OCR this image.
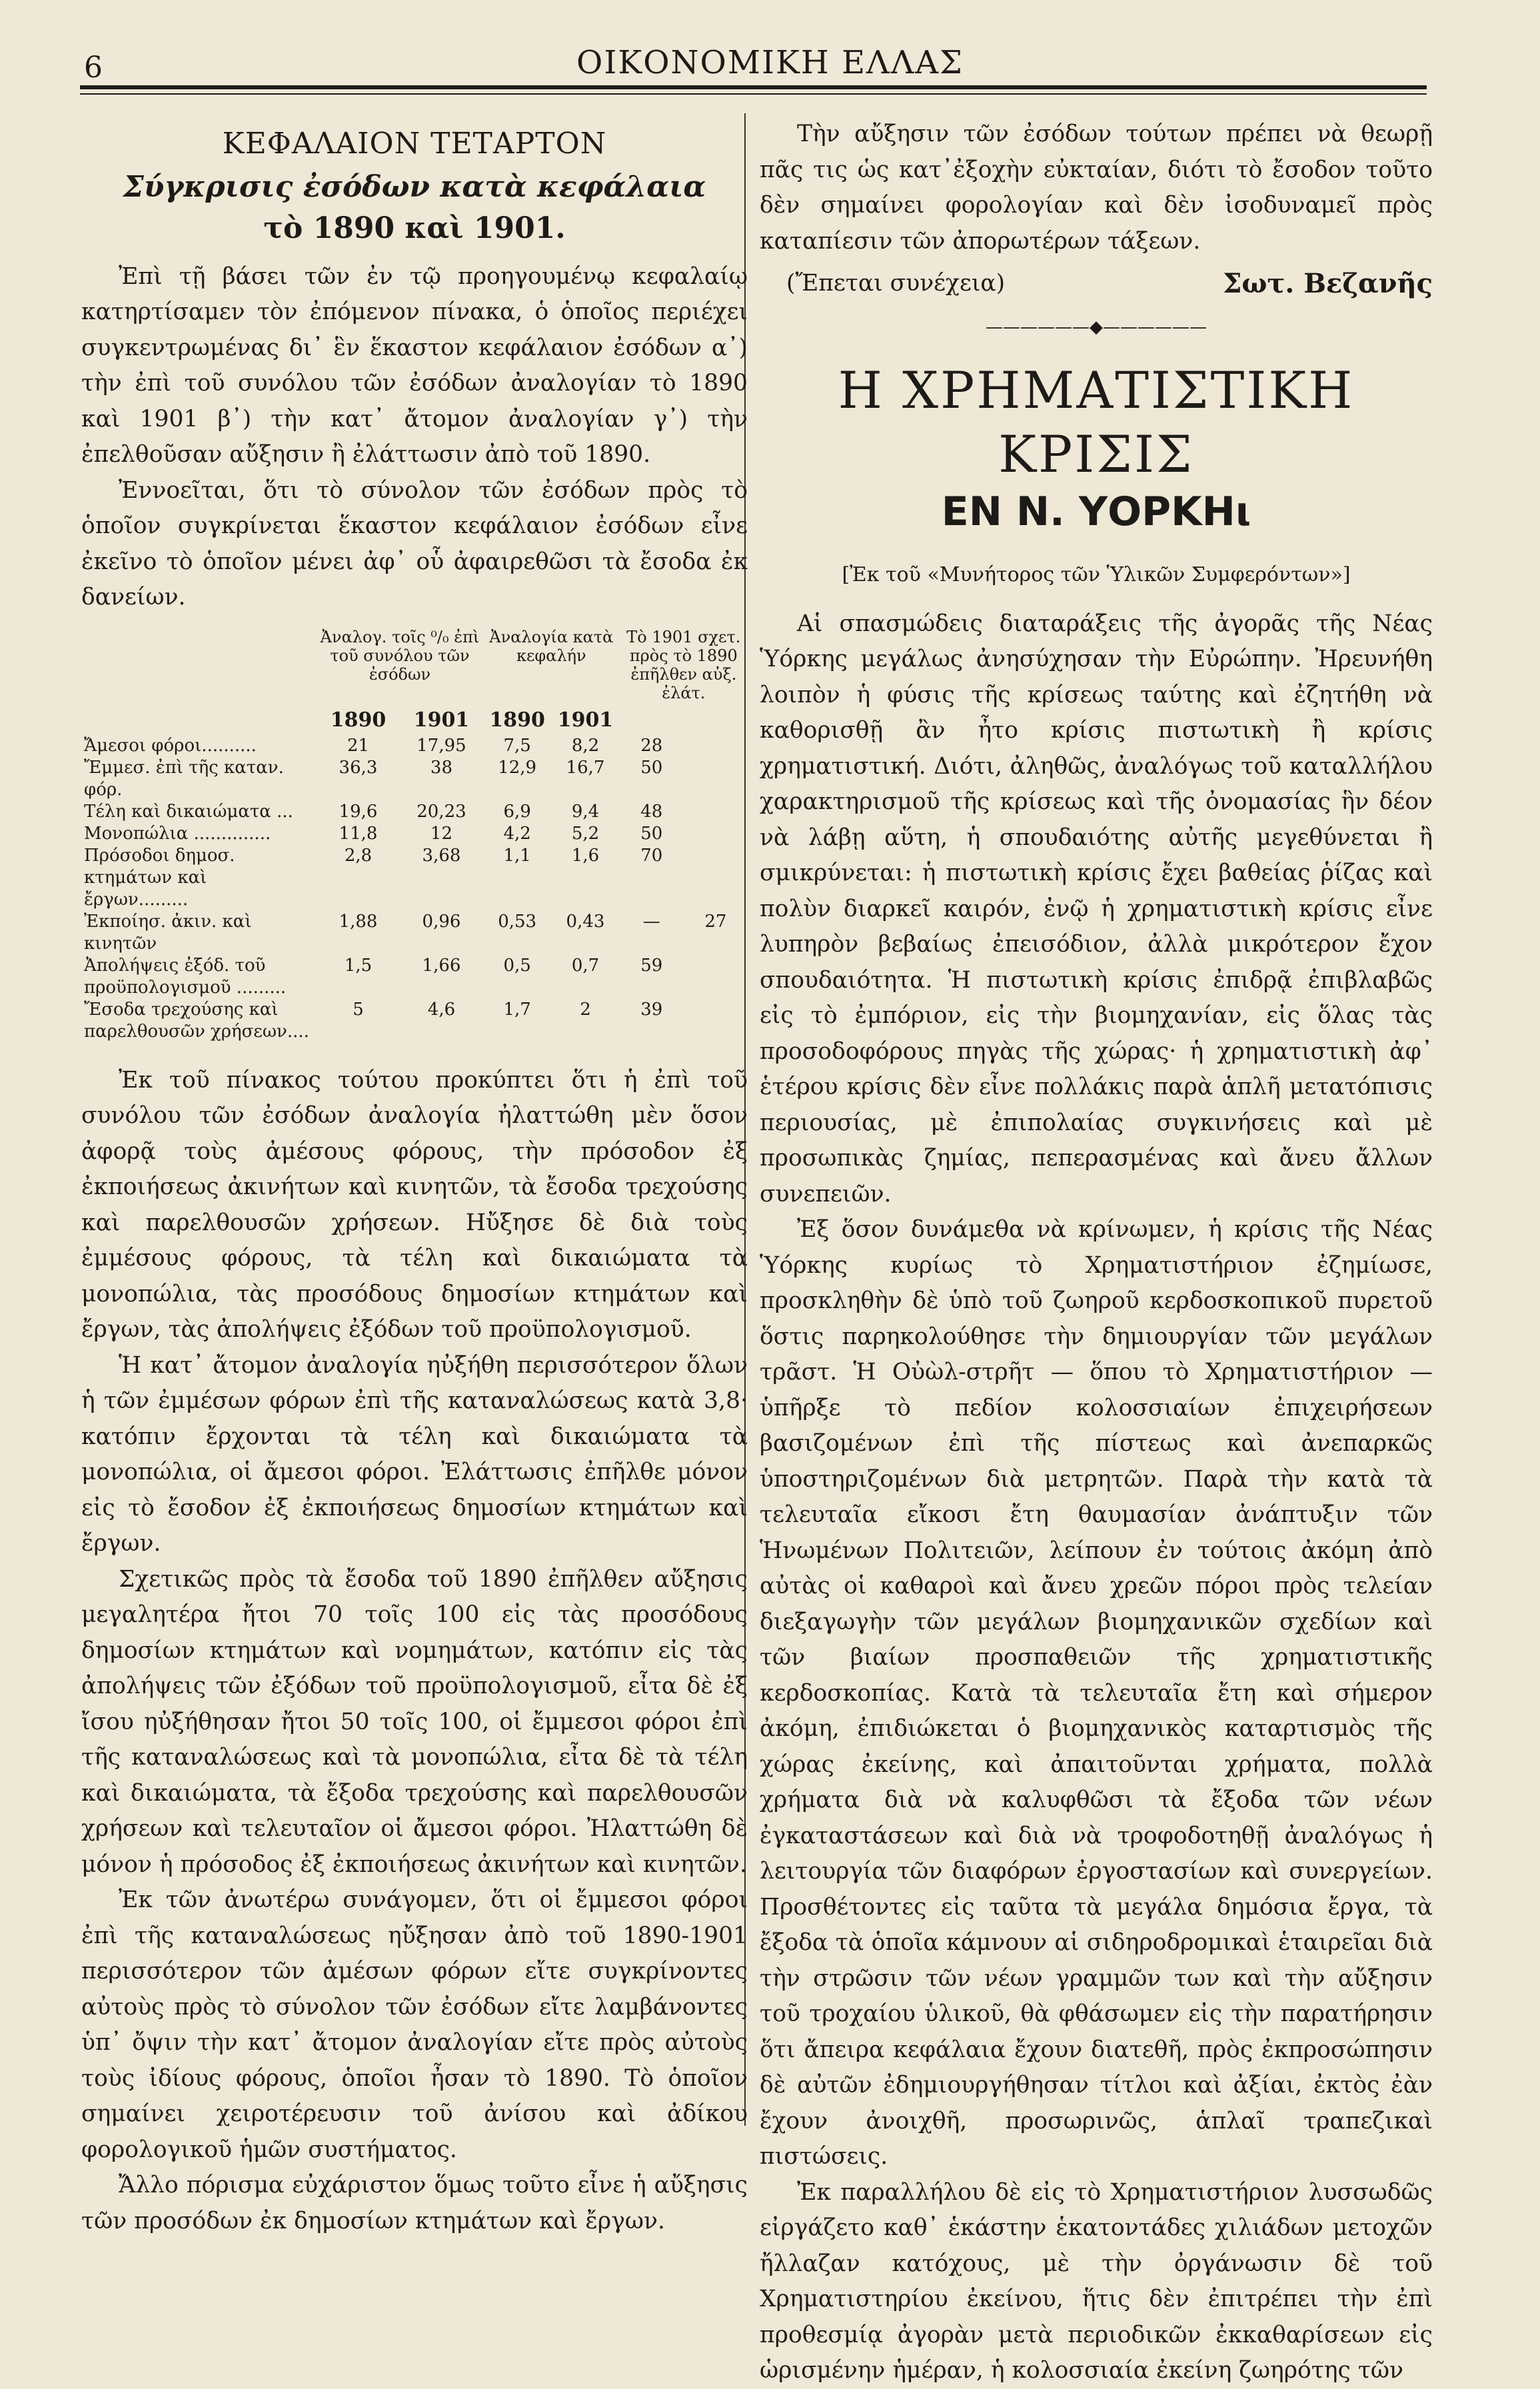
6	ΟΙΚΟΝΟΜΙΚΗ ΕΛΛΑΣ
ΚΕΦΑΛΑΙΟΝ ΤΕΤΑΡΤΟΝ
Σύγκρισις ἐσόδων κατὰ κεφάλαια
τὸ 1890 καὶ 1901.

Ἐπὶ τῇ βάσει τῶν ἐν τῷ προηγουμένῳ κεφαλαίῳ κατηρτίσαμεν τὸν ἐπόμενον πίνακα, ὁ ὁποῖος περιέχει συγκεντρωμένας δι᾽ ἓν ἕκαστον κεφάλαιον ἐσόδων α᾽) τὴν ἐπὶ τοῦ συνόλου τῶν ἐσόδων ἀναλογίαν τὸ 1890 καὶ 1901 β᾽) τὴν κατ᾽ ἄτομον ἀναλογίαν γ᾽) τὴν ἐπελθοῦσαν αὔξησιν ἢ ἐλάττωσιν ἀπὸ τοῦ 1890.

Ἐννοεῖται, ὅτι τὸ σύνολον τῶν ἐσόδων πρὸς τὸ ὁποῖον συγκρίνεται ἕκαστον κεφάλαιον ἐσόδων εἶνε ἐκεῖνο τὸ ὁποῖον μένει ἀφ᾽ οὗ ἀφαιρεθῶσι τὰ ἔσοδα ἐκ δανείων.

	Ἀναλογ. τοῖς ⁰/₀ ἐπὶ τοῦ συνόλου τῶν ἐσόδων		Ἀναλογία κατὰ κεφαλήν		Τὸ 1901 σχετ. πρὸς τὸ 1890 ἐπῆλθεν αὐξ. ἐλάτ.	
	1890	1901	1890	1901		
Ἄμεσοι φόροι..........	21	17,95	7,5	8,2	28	
Ἔμμεσ. ἐπὶ τῆς καταν. φόρ.	36,3	38	12,9	16,7	50	
Τέλη καὶ δικαιώματα ...	19,6	20,23	6,9	9,4	48	
Μονοπώλια ..............	11,8	12	4,2	5,2	50	
Πρόσοδοι δημοσ. κτημάτων καὶ ἔργων.........	2,8	3,68	1,1	1,6	70	
Ἐκποίησ. ἀκιν. καὶ κινητῶν	1,88	0,96	0,53	0,43	—	27
Ἀπολήψεις ἐξόδ. τοῦ προϋπολογισμοῦ .........	1,5	1,66	0,5	0,7	59	
Ἔσοδα τρεχούσης καὶ παρελθουσῶν χρήσεων....	5	4,6	1,7	2	39	

Ἐκ τοῦ πίνακος τούτου προκύπτει ὅτι ἡ ἐπὶ τοῦ συνόλου τῶν ἐσόδων ἀναλογία ἠλαττώθη μὲν ὅσον ἀφορᾷ τοὺς ἀμέσους φόρους, τὴν πρόσοδον ἐξ ἐκποιήσεως ἀκινήτων καὶ κινητῶν, τὰ ἔσοδα τρεχούσης καὶ παρελθουσῶν χρήσεων. Ηὔξησε δὲ διὰ τοὺς ἐμμέσους φόρους, τὰ τέλη καὶ δικαιώματα τὰ μονοπώλια, τὰς προσόδους δημοσίων κτημάτων καὶ ἔργων, τὰς ἀπολήψεις ἐξόδων τοῦ προϋπολογισμοῦ.

Ἡ κατ᾽ ἄτομον ἀναλογία ηὐξήθη περισσότερον ὅλων ἡ τῶν ἐμμέσων φόρων ἐπὶ τῆς καταναλώσεως κατὰ 3,8· κατόπιν ἔρχονται τὰ τέλη καὶ δικαιώματα τὰ μονοπώλια, οἱ ἄμεσοι φόροι. Ἐλάττωσις ἐπῆλθε μόνον εἰς τὸ ἔσοδον ἐξ ἐκποιήσεως δημοσίων κτημάτων καὶ ἔργων.

Σχετικῶς πρὸς τὰ ἔσοδα τοῦ 1890 ἐπῆλθεν αὔξησις μεγαλητέρα ἤτοι 70 τοῖς 100 εἰς τὰς προσόδους δημοσίων κτημάτων καὶ νομημάτων, κατόπιν εἰς τὰς ἀπολήψεις τῶν ἐξόδων τοῦ προϋπολογισμοῦ, εἶτα δὲ ἐξ ἴσου ηὐξήθησαν ἤτοι 50 τοῖς 100, οἱ ἔμμεσοι φόροι ἐπὶ τῆς καταναλώσεως καὶ τὰ μονοπώλια, εἶτα δὲ τὰ τέλη καὶ δικαιώματα, τὰ ἔξοδα τρεχούσης καὶ παρελθουσῶν χρήσεων καὶ τελευταῖον οἱ ἄμεσοι φόροι. Ἠλαττώθη δὲ μόνον ἡ πρόσοδος ἐξ ἐκποιήσεως ἀκινήτων καὶ κινητῶν.

Ἐκ τῶν ἀνωτέρω συνάγομεν, ὅτι οἱ ἔμμεσοι φόροι ἐπὶ τῆς καταναλώσεως ηὔξησαν ἀπὸ τοῦ 1890-1901 περισσότερον τῶν ἀμέσων φόρων εἴτε συγκρίνοντες αὐτοὺς πρὸς τὸ σύνολον τῶν ἐσόδων εἴτε λαμβάνοντες ὑπ᾽ ὄψιν τὴν κατ᾽ ἄτομον ἀναλογίαν εἴτε πρὸς αὐτοὺς τοὺς ἰδίους φόρους, ὁποῖοι ἦσαν τὸ 1890. Τὸ ὁποῖον σημαίνει χειροτέρευσιν τοῦ ἀνίσου καὶ ἀδίκου φορολογικοῦ ἡμῶν συστήματος.

Ἄλλο πόρισμα εὐχάριστον ὅμως τοῦτο εἶνε ἡ αὔξησις τῶν προσόδων ἐκ δημοσίων κτημάτων καὶ ἔργων.

Τὴν αὔξησιν τῶν ἐσόδων τούτων πρέπει νὰ θεωρῇ πᾶς τις ὡς κατ᾽ἐξοχὴν εὐκταίαν, διότι τὸ ἔσοδον τοῦτο δὲν σημαίνει φορολογίαν καὶ δὲν ἰσοδυναμεῖ πρὸς καταπίεσιν τῶν ἀπορωτέρων τάξεων.

(Ἔπεται συνέχεια)	Σωτ. Βεζανῆς
——————◆——————
Η ΧΡΗΜΑΤΙΣΤΙΚΗ ΚΡΙΣΙΣ
ΕΝ Ν. ΥΟΡΚΗι
[Ἐκ τοῦ «Μυνήτορος τῶν Ὑλικῶν Συμφερόντων»]

Αἱ σπασμώδεις διαταράξεις τῆς ἀγορᾶς τῆς Νέας Ὑόρκης μεγάλως ἀνησύχησαν τὴν Εὐρώπην. Ἠρευνήθη λοιπὸν ἡ φύσις τῆς κρίσεως ταύτης καὶ ἐζητήθη νὰ καθορισθῇ ἂν ἦτο κρίσις πιστωτικὴ ἢ κρίσις χρηματιστική. Διότι, ἀληθῶς, ἀναλόγως τοῦ καταλλήλου χαρακτηρισμοῦ τῆς κρίσεως καὶ τῆς ὀνομασίας ἣν δέον νὰ λάβῃ αὕτη, ἡ σπουδαιότης αὐτῆς μεγεθύνεται ἢ σμικρύνεται: ἡ πιστωτικὴ κρίσις ἔχει βαθείας ῥίζας καὶ πολὺν διαρκεῖ καιρόν, ἐνῷ ἡ χρηματιστικὴ κρίσις εἶνε λυπηρὸν βεβαίως ἐπεισόδιον, ἀλλὰ μικρότερον ἔχον σπουδαιότητα. Ἡ πιστωτικὴ κρίσις ἐπιδρᾷ ἐπιβλαβῶς εἰς τὸ ἐμπόριον, εἰς τὴν βιομηχανίαν, εἰς ὅλας τὰς προσοδοφόρους πηγὰς τῆς χώρας· ἡ χρηματιστικὴ ἀφ᾽ ἑτέρου κρίσις δὲν εἶνε πολλάκις παρὰ ἁπλῆ μετατόπισις περιουσίας, μὲ ἐπιπολαίας συγκινήσεις καὶ μὲ προσωπικὰς ζημίας, πεπερασμένας καὶ ἄνευ ἄλλων συνεπειῶν.

Ἐξ ὅσον δυνάμεθα νὰ κρίνωμεν, ἡ κρίσις τῆς Νέας Ὑόρκης κυρίως τὸ Χρηματιστήριον ἐζημίωσε, προσκληθὴν δὲ ὑπὸ τοῦ ζωηροῦ κερδοσκοπικοῦ πυρετοῦ ὅστις παρηκολούθησε τὴν δημιουργίαν τῶν μεγάλων τρᾶστ. Ἡ Οὐὼλ-στρῆτ — ὅπου τὸ Χρηματιστήριον — ὑπῆρξε τὸ πεδίον κολοσσιαίων ἐπιχειρήσεων βασιζομένων ἐπὶ τῆς πίστεως καὶ ἀνεπαρκῶς ὑποστηριζομένων διὰ μετρητῶν. Παρὰ τὴν κατὰ τὰ τελευταῖα εἴκοσι ἔτη θαυμασίαν ἀνάπτυξιν τῶν Ἡνωμένων Πολιτειῶν, λείπουν ἐν τούτοις ἀκόμη ἀπὸ αὐτὰς οἱ καθαροὶ καὶ ἄνευ χρεῶν πόροι πρὸς τελείαν διεξαγωγὴν τῶν μεγάλων βιομηχανικῶν σχεδίων καὶ τῶν βιαίων προσπαθειῶν τῆς χρηματιστικῆς κερδοσκοπίας. Κατὰ τὰ τελευταῖα ἔτη καὶ σήμερον ἀκόμη, ἐπιδιώκεται ὁ βιομηχανικὸς καταρτισμὸς τῆς χώρας ἐκείνης, καὶ ἀπαιτοῦνται χρήματα, πολλὰ χρήματα διὰ νὰ καλυφθῶσι τὰ ἔξοδα τῶν νέων ἐγκαταστάσεων καὶ διὰ νὰ τροφοδοτηθῇ ἀναλόγως ἡ λειτουργία τῶν διαφόρων ἐργοστασίων καὶ συνεργείων. Προσθέτοντες εἰς ταῦτα τὰ μεγάλα δημόσια ἔργα, τὰ ἔξοδα τὰ ὁποῖα κάμνουν αἱ σιδηροδρομικαὶ ἑταιρεῖαι διὰ τὴν στρῶσιν τῶν νέων γραμμῶν των καὶ τὴν αὔξησιν τοῦ τροχαίου ὑλικοῦ, θὰ φθάσωμεν εἰς τὴν παρατήρησιν ὅτι ἄπειρα κεφάλαια ἔχουν διατεθῆ, πρὸς ἐκπροσώπησιν δὲ αὐτῶν ἐδημιουργήθησαν τίτλοι καὶ ἀξίαι, ἐκτὸς ἐὰν ἔχουν ἀνοιχθῆ, προσωρινῶς, ἁπλαῖ τραπεζικαὶ πιστώσεις.

Ἐκ παραλλήλου δὲ εἰς τὸ Χρηματιστήριον λυσσωδῶς εἰργάζετο καθ᾽ ἑκάστην ἑκατοντάδες χιλιάδων μετοχῶν ἤλλαζαν κατόχους, μὲ τὴν ὀργάνωσιν δὲ τοῦ Χρηματιστηρίου ἐκείνου, ἥτις δὲν ἐπιτρέπει τὴν ἐπὶ προθεσμίᾳ ἀγορὰν μετὰ περιοδικῶν ἐκκαθαρίσεων εἰς ὡρισμένην ἡμέραν, ἡ κολοσσιαία ἐκείνη ζωηρότης τῶν
